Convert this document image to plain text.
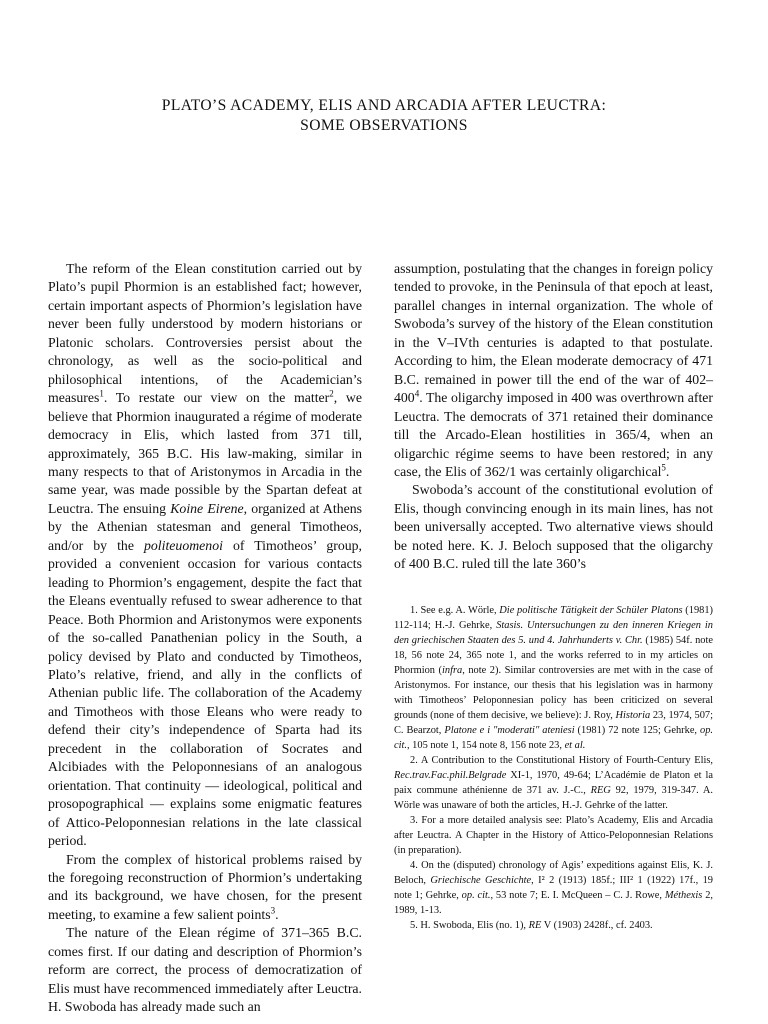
PLATO’S ACADEMY, ELIS AND ARCADIA AFTER LEUCTRA:
SOME OBSERVATIONS

The reform of the Elean constitution carried out by Plato’s pupil Phormion is an established fact; however, certain important aspects of Phormion’s legislation have never been fully understood by modern historians or Platonic scholars. Controversies persist about the chronology, as well as the socio-political and philosophical intentions, of the Academician’s measures$^1$. To restate our view on the matter$^2$, we believe that Phormion inaugurated a régime of moderate democracy in Elis, which lasted from 371 till, approximately, 365 B.C. His law-making, similar in many respects to that of Aristonymos in Arcadia in the same year, was made possible by the Spartan defeat at Leuctra. The ensuing Koine Eirene, organized at Athens by the Athenian statesman and general Timotheos, and/or by the politeuomenoi of Timotheos’ group, provided a convenient occasion for various contacts leading to Phormion’s engagement, despite the fact that the Eleans eventually refused to swear adherence to that Peace. Both Phormion and Aristonymos were exponents of the so-called Panathenian policy in the South, a policy devised by Plato and conducted by Timotheos, Plato’s relative, friend, and ally in the conflicts of Athenian public life. The collaboration of the Academy and Timotheos with those Eleans who were ready to defend their city’s independence of Sparta had its precedent in the collaboration of Socrates and Alcibiades with the Peloponnesians of an analogous orientation. That continuity — ideological, political and prosopographical — explains some enigmatic features of Attico-Peloponnesian relations in the late classical period.

From the complex of historical problems raised by the foregoing reconstruction of Phormion’s undertaking and its background, we have chosen, for the present meeting, to examine a few salient points$^3$.

The nature of the Elean régime of 371–365 B.C. comes first. If our dating and description of Phormion’s reform are correct, the process of democratization of Elis must have recommenced immediately after Leuctra. H. Swoboda has already made such an

assumption, postulating that the changes in foreign policy tended to provoke, in the Peninsula of that epoch at least, parallel changes in internal organization. The whole of Swoboda’s survey of the history of the Elean constitution in the V–IVth centuries is adapted to that postulate. According to him, the Elean moderate democracy of 471 B.C. remained in power till the end of the war of $402-400^4$. The oligarchy imposed in 400 was overthrown after Leuctra. The democrats of 371 retained their dominance till the Arcado-Elean hostilities in 365/4, when an oligarchic régime seems to have been restored; in any case, the Elis of 362/1 was certainly oligarchical$^5$.

Swoboda’s account of the constitutional evolution of Elis, though convincing enough in its main lines, has not been universally accepted. Two alternative views should be noted here. K. J. Beloch supposed that the oligarchy of 400 B.C. ruled till the late 360’s

1. See e.g. A. Wörle, Die politische Tätigkeit der Schüler Platons (1981) 112-114; H.-J. Gehrke, Stasis. Untersuchungen zu den inneren Kriegen in den griechischen Staaten des 5. und 4. Jahrhunderts v. Chr. (1985) 54f. note 18, 56 note 24, 365 note 1, and the works referred to in my articles on Phormion (infra, note 2). Similar controversies are met with in the case of Aristonymos. For instance, our thesis that his legislation was in harmony with Timotheos’ Peloponnesian policy has been criticized on several grounds (none of them decisive, we believe): J. Roy, Historia 23, 1974, 507; C. Bearzot, Platone e i "moderati" ateniesi (1981) 72 note 125; Gehrke, op. cit., 105 note 1, 154 note 8, 156 note 23, et al.

2. A Contribution to the Constitutional History of Fourth-Century Elis, Rec.trav.Fac.phil.Belgrade XI-1, 1970, 49-64; L’Académie de Platon et la paix commune athénienne de 371 av. J.-C., REG 92, 1979, 319-347. A. Wörle was unaware of both the articles, H.-J. Gehrke of the latter.

3. For a more detailed analysis see: Plato’s Academy, Elis and Arcadia after Leuctra. A Chapter in the History of Attico-Peloponnesian Relations (in preparation).

4. On the (disputed) chronology of Agis’ expeditions against Elis, K. J. Beloch, Griechische Geschichte, I² 2 (1913) 185f.; III² 1 (1922) 17f., 19 note 1; Gehrke, op. cit., 53 note 7; E. I. McQueen – C. J. Rowe, Méthexis 2, 1989, 1-13.

5. H. Swoboda, Elis (no. 1), RE V (1903) 2428f., cf. 2403.
